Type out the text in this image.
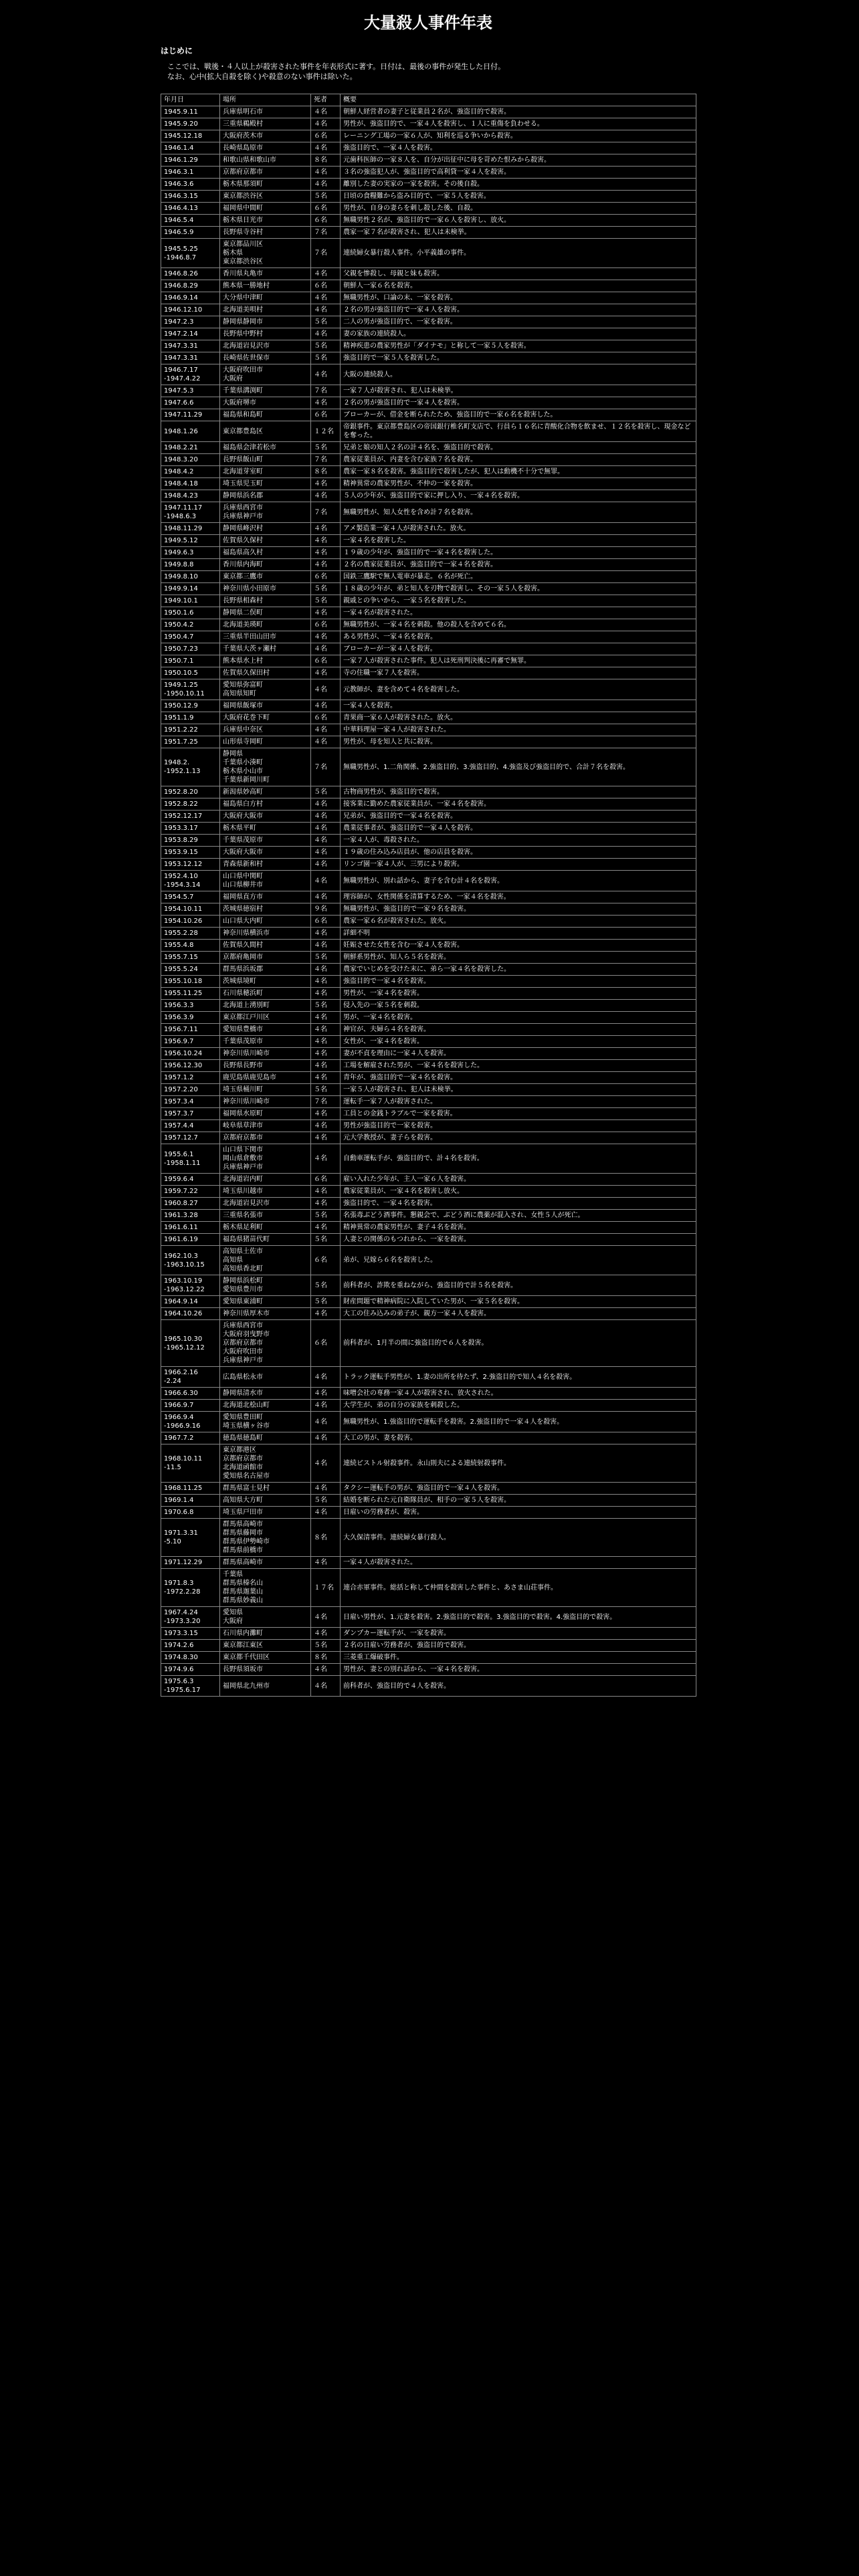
大量殺人事件年表
はじめに

ここでは、戦後・４人以上が殺害された事件を年表形式に著す。日付は、最後の事件が発生した日付。

なお、心中(拡大自殺を除く)や殺意のない事件は除いた。

年月日	場所	死者	概要
1945.9.11	兵庫県明石市	４名	朝鮮人経営者の妻子と従業員２名が、強盗目的で殺害。
1945.9.20	三重県鵜殿村	４名	男性が、強盗目的で、一家４人を殺害し、１人に重傷を負わせる。
1945.12.18	大阪府茨木市	６名	レーニング工場の一家６人が、知利を巡る争いから殺害。
1946.1.4	長崎県島原市	４名	強盗目的で、一家４人を殺害。
1946.1.29	和歌山県和歌山市	８名	元歯科医師の一家８人を、自分が出征中に母を苛めた恨みから殺害。
1946.3.1	京都府京都市	４名	３名の強盗犯人が、強盗目的で高利貸一家４人を殺害。
1946.3.6	栃木県那須町	４名	離別した妻の実家の一家を殺害。その後自殺。
1946.3.15	東京都渋谷区	５名	日頃の食糧難から盗み目的で、一家５人を殺害。
1946.4.13	福岡県中間町	６名	男性が、自身の妻らを刺し殺した後、自殺。
1946.5.4	栃木県日光市	６名	無職男性２名が、強盗目的で一家６人を殺害し、放火。
1946.5.9	長野県寺谷村	７名	農家一家７名が殺害され、犯人は未検挙。
1945.5.25
-1946.8.7	東京都品川区
栃木県
東京都渋谷区	７名	連続婦女暴行殺人事件。小平義雄の事件。
1946.8.26	香川県丸亀市	４名	父親を惨殺し、母親と妹も殺害。
1946.8.29	熊本県一勝地村	６名	朝鮮人一家６名を殺害。
1946.9.14	大分県中津町	４名	無職男性が、口論の末、一家を殺害。
1946.12.10	北海道美唄村	４名	２名の男が強盗目的で一家４人を殺害。
1947.2.3	静岡県静岡市	５名	二人の男が強盗目的で、一家を殺害。
1947.2.14	長野県中野村	４名	妻の家族の連続殺人。
1947.3.31	北海道岩見沢市	５名	精神疾患の農家男性が「ダイナモ」と称して一家５人を殺害。
1947.3.31	長崎県佐世保市	５名	強盗目的で一家５人を殺害した。
1946.7.17
-1947.4.22	大阪府吹田市
大阪府	４名	大阪の連続殺人。
1947.5.3	千葉県溝渕町	７名	一家７人が殺害され、犯人は未検挙。
1947.6.6	大阪府堺市	４名	２名の男が強盗目的で一家４人を殺害。
1947.11.29	福島県和島町	６名	ブローカーが、借金を断られたため、強盗目的で一家６名を殺害した。
1948.1.26	東京都豊島区	１２名	帝銀事件。東京都豊島区の帝国銀行椎名町支店で、行員ら１６名に青酸化合物を飲ませ、１２名を殺害し、現金などを奪った。
1948.2.21	福島県会津若松市	５名	兄弟と娘の知人２名の計４名を、強盗目的で殺害。
1948.3.20	長野県飯山町	７名	農家従業員が、内妻を含む家族７名を殺害。
1948.4.2	北海道芽室町	８名	農家一家８名を殺害。強盗目的で殺害したが、犯人は動機不十分で無罪。
1948.4.18	埼玉県児玉町	４名	精神異常の農家男性が、不仲の一家を殺害。
1948.4.23	静岡県浜名郡	４名	５人の少年が、強盗目的で家に押し入り、一家４名を殺害。
1947.11.17
-1948.6.3	兵庫県西宮市
兵庫県神戸市	７名	無職男性が、知人女性を含め計７名を殺害。
1948.11.29	静岡県峰沢村	４名	アメ製造業一家４人が殺害された。放火。
1949.5.12	佐賀県久保村	４名	一家４名を殺害した。
1949.6.3	福島県高久村	４名	１９歳の少年が、強盗目的で一家４名を殺害した。
1949.8.8	香川県内海町	４名	２名の農家従業員が、強盗目的で一家４名を殺害。
1949.8.10	東京都三鷹市	６名	国鉄三鷹駅で無人電車が暴走。６名が死亡。
1949.9.14	神奈川県小田原市	５名	１８歳の少年が、弟と知人を刃物で殺害し、その一家５人を殺害。
1949.10.1	長野県相森村	５名	親戚との争いから、一家５名を殺害した。
1950.1.6	静岡県二俣町	４名	一家４名が殺害された。
1950.4.2	北海道美瑛町	６名	無職男性が、一家４名を刺殺。他の殺人を含めて６名。
1950.4.7	三重県半田山田市	４名	ある男性が、一家４名を殺害。
1950.7.23	千葉県大茨ヶ瀬村	４名	ブローカーが一家４人を殺害。
1950.7.1	熊本県水上村	６名	一家７人が殺害された事件。犯人は死刑判決後に再審で無罪。
1950.10.5	佐賀県久保田村	４名	寺の住職一家７人を殺害。
1949.1.25
-1950.10.11	愛知県弥富町
高知県知町	４名	元教師が、妻を含めて４名を殺害した。
1950.12.9	福岡県飯塚市	４名	一家４人を殺害。
1951.1.9	大阪府花巻下町	６名	青果商一家６人が殺害された。放火。
1951.2.22	兵庫県中奈区	４名	中華料理屋一家４人が殺害された。
1951.7.25	山形県寺岡町	４名	男性が、母を知人と共に殺害。
1948.2.
-1952.1.13	静岡県
千葉県小湊町
栃木県小山市
千葉県新岡川町	７名	無職男性が、1.二角関係、2.強盗目的、3.強盗目的、4.強盗及び強盗目的で、合計７名を殺害。
1952.8.20	新潟県妙高町	５名	古物商男性が、強盗目的で殺害。
1952.8.22	福島県白方村	４名	接客業に勤めた農家従業員が、一家４名を殺害。
1952.12.17	大阪府大阪市	４名	兄弟が、強盗目的で一家４名を殺害。
1953.3.17	栃木県平町	４名	農業従事者が、強盗目的で一家４人を殺害。
1953.8.29	千葉県茂原市	４名	一家４人が、毒殺された。
1953.9.15	大阪府大阪市	４名	１９歳の住み込み店員が、他の店員を殺害。
1953.12.12	青森県新和村	４名	リンゴ園一家４人が、三男により殺害。
1952.4.10
-1954.3.14	山口県中関町
山口県柳井市	４名	無職男性が、別れ話から、妻子を含む計４名を殺害。
1954.5.7	福岡県直方市	４名	理容師が、女性関係を清算するため、一家４名を殺害。
1954.10.11	茨城県徳宿村	９名	無職男性が、強盗目的で一家９名を殺害。
1954.10.26	山口県大内町	６名	農家一家６名が殺害された。放火。
1955.2.28	神奈川県横浜市	４名	詳細不明
1955.4.8	佐賀県久間村	４名	妊娠させた女性を含む一家４人を殺害。
1955.7.15	京都府亀岡市	５名	朝鮮系男性が、知人ら５名を殺害。
1955.5.24	群馬県浜坂郡	４名	農家でいじめを受けた末に、弟ら一家４名を殺害した。
1955.10.18	茨城県境町	４名	強盗目的で一家４名を殺害。
1955.11.25	石川県穂浜町	４名	男性が、一家４名を殺害。
1956.3.3	北海道上湧別町	５名	侵入先の一家５名を刺殺。
1956.3.9	東京都江戸川区	４名	男が、一家４名を殺害。
1956.7.11	愛知県豊橋市	４名	神官が、夫婦ら４名を殺害。
1956.9.7	千葉県茂原市	４名	女性が、一家４名を殺害。
1956.10.24	神奈川県川崎市	４名	妻が不貞を理由に一家４人を殺害。
1956.12.30	長野県長野市	４名	工場を解雇された男が、一家４名を殺害した。
1957.1.2	鹿児島県鹿児島市	４名	青年が、強盗目的で一家４名を殺害。
1957.2.20	埼玉県桶川町	５名	一家５人が殺害され、犯人は未検挙。
1957.3.4	神奈川県川崎市	７名	運転手一家７人が殺害された。
1957.3.7	福岡県水原町	４名	工員との金銭トラブルで一家を殺害。
1957.4.4	岐阜県草津市	４名	男性が強盗目的で一家を殺害。
1957.12.7	京都府京都市	４名	元大学教授が、妻子らを殺害。
1955.6.1
-1958.1.11	山口県下関市
岡山県倉敷市
兵庫県神戸市	４名	自動車運転手が、強盗目的で、計４名を殺害。
1959.6.4	北海道岩内町	６名	雇い入れた少年が、主人一家６人を殺害。
1959.7.22	埼玉県川越市	４名	農家従業員が、一家４名を殺害し放火。
1960.8.27	北海道岩見沢市	４名	強盗目的で、一家４名を殺害。
1961.3.28	三重県名張市	５名	名張毒ぶどう酒事件。懇親会で、ぶどう酒に農薬が混入され、女性５人が死亡。
1961.6.11	栃木県足利町	４名	精神異常の農家男性が、妻子４名を殺害。
1961.6.19	福島県猪苗代町	５名	人妻との関係のもつれから、一家を殺害。
1962.10.3
-1963.10.15	高知県土佐市
高知県
高知県香北町	６名	弟が、兄嫁ら６名を殺害した。
1963.10.19
-1963.12.22	静岡県浜松町
愛知県豊川市	５名	前科者が、詐欺を重ねながら、強盗目的で計５名を殺害。
1964.9.14	愛知県東浦町	５名	財産問題で精神病院に入院していた男が、一家５名を殺害。
1964.10.26	神奈川県厚木市	４名	大工の住み込みの弟子が、親方一家４人を殺害。
1965.10.30
-1965.12.12	兵庫県西宮市
大阪府羽曳野市
京都府京都市
大阪府吹田市
兵庫県神戸市	６名	前科者が、1月半の間に強盗目的で６人を殺害。
1966.2.16
-2.24	広島県松永市	４名	トラック運転手男性が、1.妻の出所を待たず、2.強盗目的で知人４名を殺害。
1966.6.30	静岡県清水市	４名	味噌会社の専務一家４人が殺害され、放火された。
1966.9.7	北海道北桧山町	４名	大学生が、弟の自分の家族を刺殺した。
1966.9.4
-1966.9.16	愛知県豊田町
埼玉県横ヶ谷市	４名	無職男性が、1.強盗目的で運転手を殺害。2.強盗目的で一家４人を殺害。
1967.7.2	徳島県徳島町	４名	大工の男が、妻を殺害。
1968.10.11
-11.5	東京都港区
京都府京都市
北海道函館市
愛知県名古屋市	４名	連続ピストル射殺事件。永山則夫による連続射殺事件。
1968.11.25	群馬県富士見村	４名	タクシー運転手の男が、強盗目的で一家４人を殺害。
1969.1.4	高知県大方町	５名	結婚を断られた元自衛隊員が、相手の一家５人を殺害。
1970.6.8	埼玉県戸田市	４名	日雇いの労務者が、殺害。
1971.3.31
-5.10	群馬県高崎市
群馬県藤岡市
群馬県伊勢崎市
群馬県前橋市	８名	大久保清事件。連続婦女暴行殺人。
1971.12.29	群馬県高崎市	４名	一家４人が殺害された。
1971.8.3
-1972.2.28	千葉県
群馬県榛名山
群馬県迦葉山
群馬県妙義山	１７名	連合赤軍事件。総括と称して仲間を殺害した事件と、あさま山荘事件。
1967.4.24
-1973.3.20	愛知県
大阪府	４名	日雇い男性が、1.元妻を殺害。2.強盗目的で殺害。3.強盗目的で殺害。4.強盗目的で殺害。
1973.3.15	石川県内灘町	４名	ダンプカー運転手が、一家を殺害。
1974.2.6	東京都江東区	５名	２名の日雇い労務者が、強盗目的で殺害。
1974.8.30	東京都千代田区	８名	三菱重工爆破事件。
1974.9.6	長野県須坂市	４名	男性が、妻との別れ話から、一家４名を殺害。
1975.6.3
-1975.6.17	福岡県北九州市	４名	前科者が、強盗目的で４人を殺害。
